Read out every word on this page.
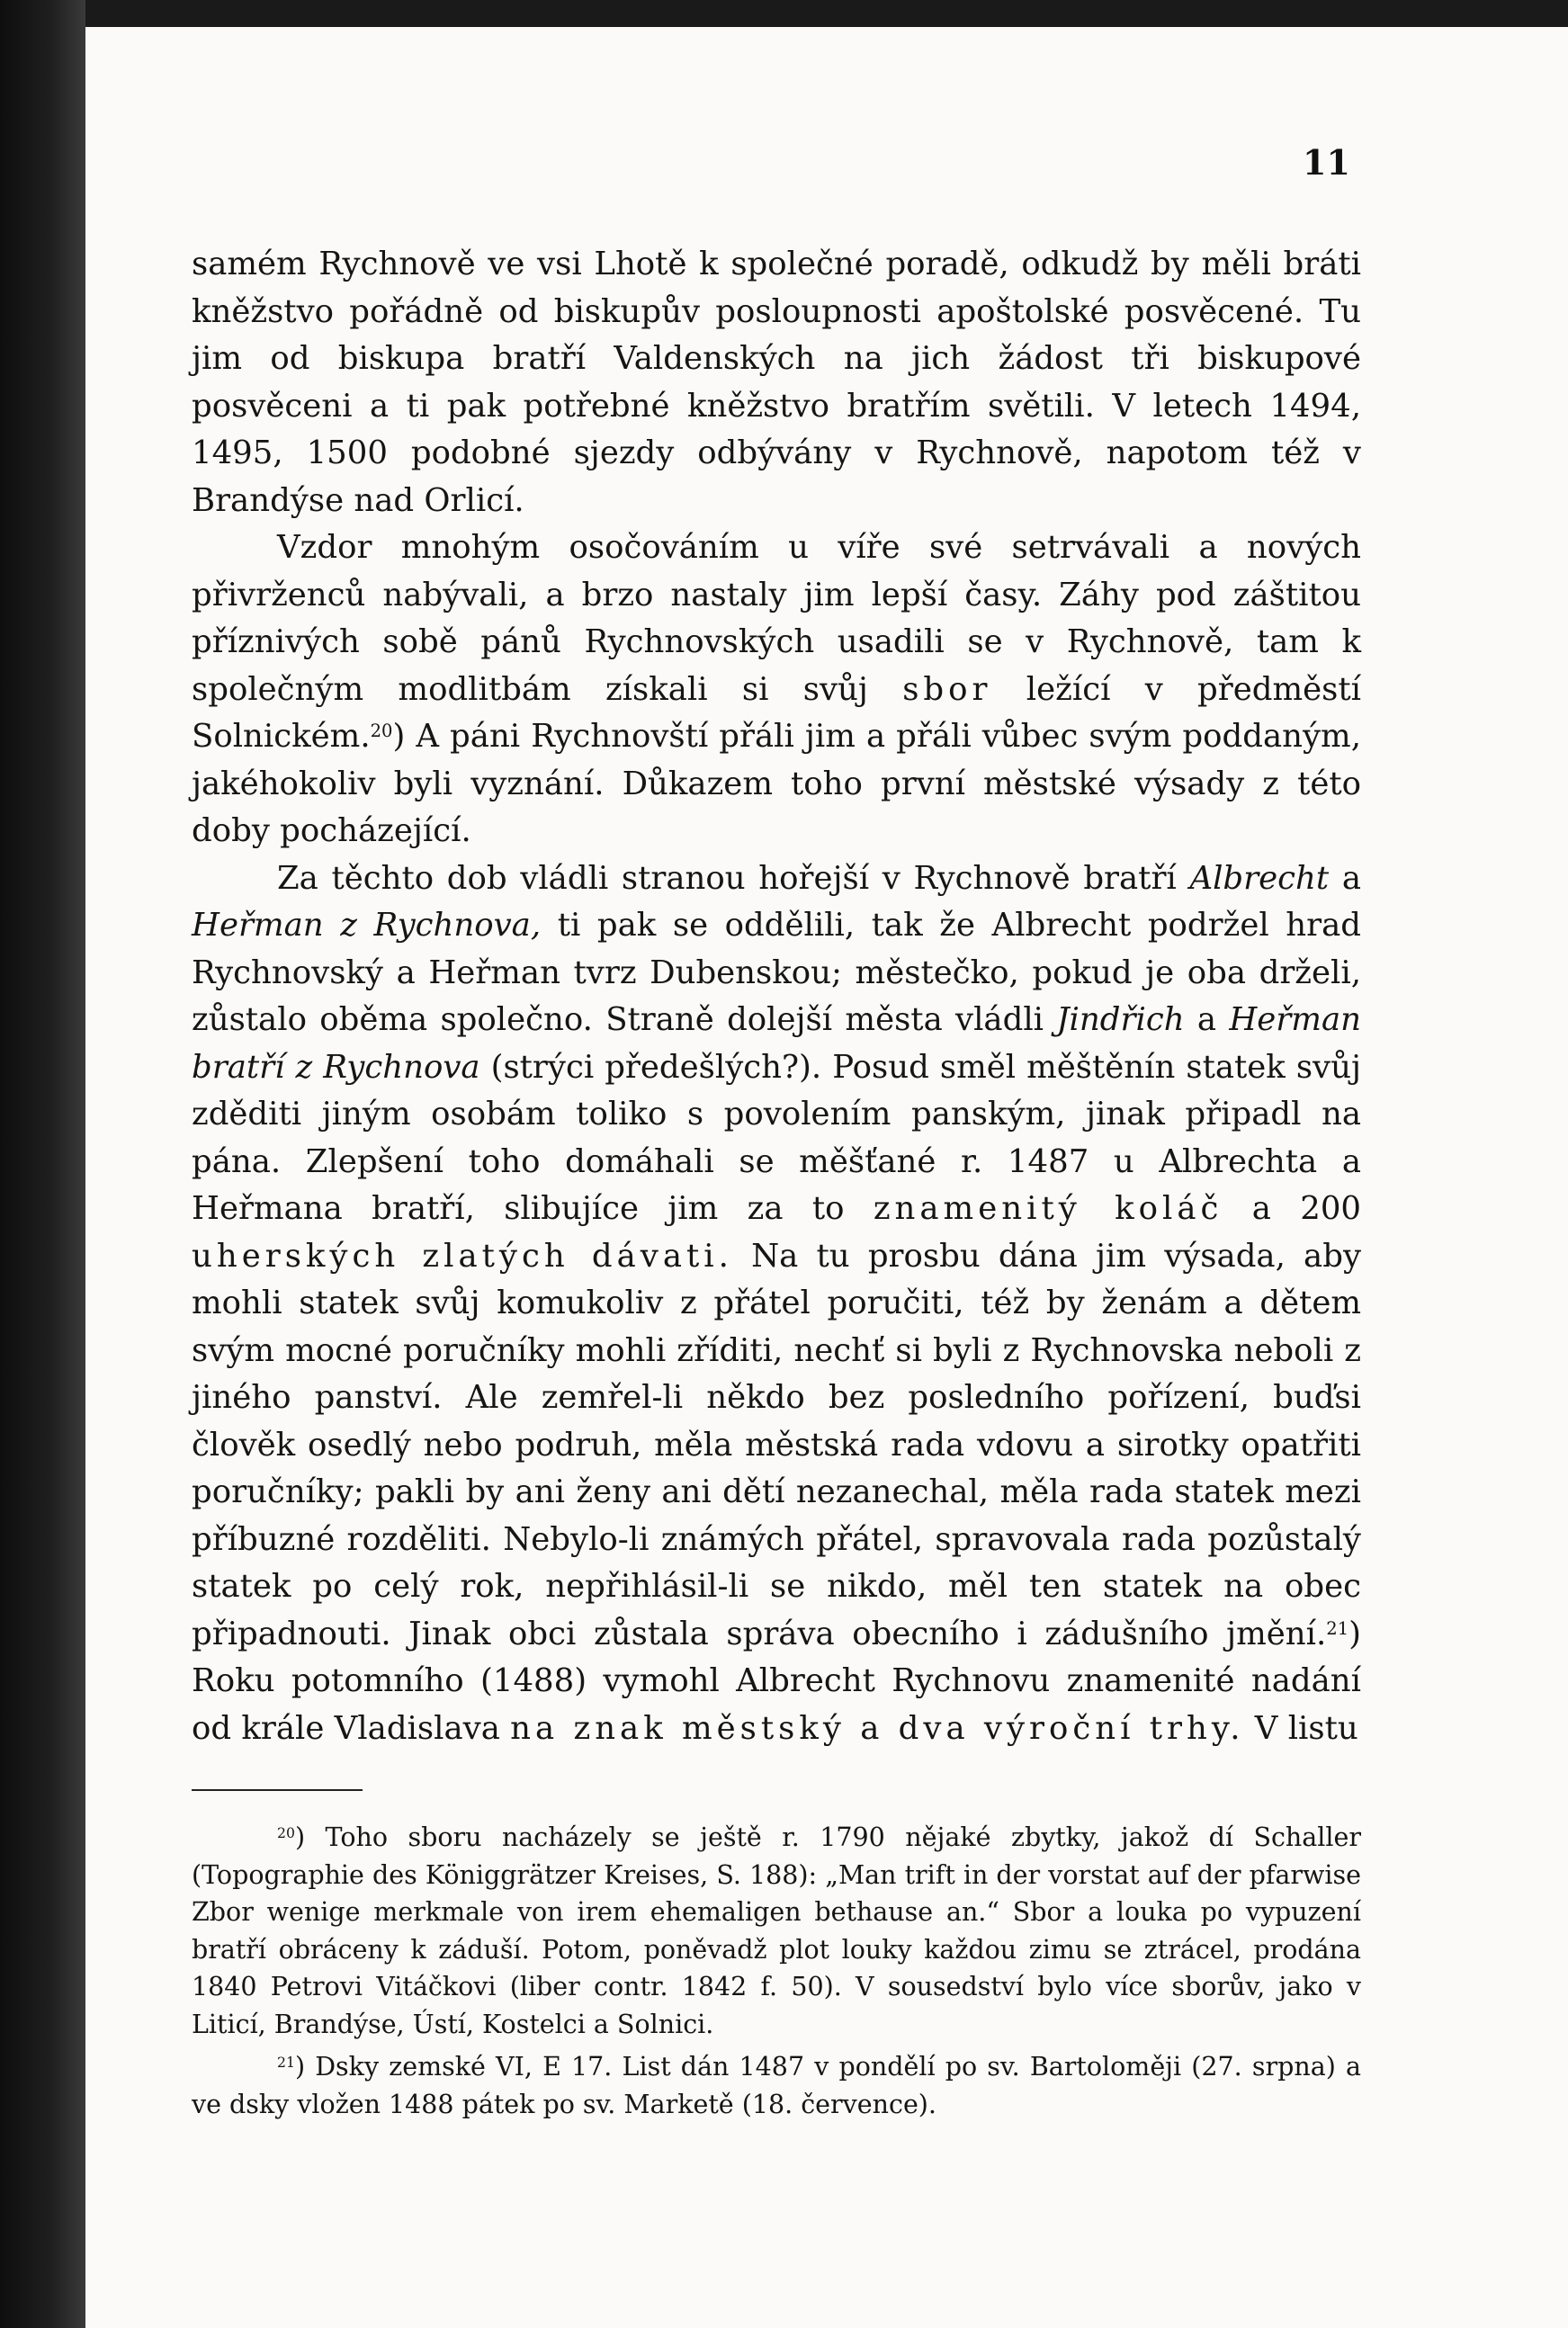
11

samém Rychnově ve vsi Lhotě k společné poradě, odkudž by měli bráti kněžstvo pořádně od biskupův posloupnosti apoštolské posvěcené. Tu jim od biskupa bratří Valdenských na jich žádost tři biskupové posvěceni a ti pak potřebné kněžstvo bratřím světili. V letech 1494, 1495, 1500 podobné sjezdy odbývány v Rychnově, napotom též v Brandýse nad Orlicí.

Vzdor mnohým osočováním u víře své setrvávali a nových přivrženců nabývali, a brzo nastaly jim lepší časy. Záhy pod záštitou příznivých sobě pánů Rychnovských usadili se v Rychnově, tam k společným modlitbám získali si svůj sbor ležící v předměstí Solnickém.$^{20}$) A páni Rychnovští přáli jim a přáli vůbec svým poddaným, jakéhokoliv byli vyznání. Důkazem toho první městské výsady z této doby pocházející.

Za těchto dob vládli stranou hořejší v Rychnově bratří Albrecht a Heřman z Rychnova, ti pak se oddělili, tak že Albrecht podržel hrad Rychnovský a Heřman tvrz Dubenskou; městečko, pokud je oba drželi, zůstalo oběma společno. Straně dolejší města vládli Jindřich a Heřman bratří z Rychnova (strýci předešlých?). Posud směl měštěnín statek svůj zděditi jiným osobám toliko s povolením panským, jinak připadl na pána. Zlepšení toho domáhali se měšťané r. 1487 u Albrechta a Heřmana bratří, slibujíce jim za to znamenitý koláč a 200 uherských zlatých dávati. Na tu prosbu dána jim výsada, aby mohli statek svůj komukoliv z přátel poručiti, též by ženám a dětem svým mocné poručníky mohli zříditi, nechť si byli z Rychnovska neboli z jiného panství. Ale zemřel-li někdo bez posledního pořízení, buďsi člověk osedlý nebo podruh, měla městská rada vdovu a sirotky opatřiti poručníky; pakli by ani ženy ani dětí nezanechal, měla rada statek mezi příbuzné rozděliti. Nebylo-li známých přátel, spravovala rada pozůstalý statek po celý rok, nepřihlásil-li se nikdo, měl ten statek na obec připadnouti. Jinak obci zůstala správa obecního i zádušního jmění.$^{21}$) Roku potomního (1488) vymohl Albrecht Rychnovu znamenité nadání od krále Vladislava na znak městský a dva výroční trhy. V listu

$^{20}$) Toho sboru nacházely se ještě r. 1790 nějaké zbytky, jakož dí Schaller (Topographie des Königgrätzer Kreises, S. 188): „Man trift in der vorstat auf der pfarwise Zbor wenige merkmale von irem ehemaligen bethause an.“ Sbor a louka po vypuzení bratří obráceny k záduší. Potom, poněvadž plot louky každou zimu se ztrácel, prodána 1840 Petrovi Vitáčkovi (liber contr. 1842 f. 50). V sousedství bylo více sborův, jako v Liticí, Brandýse, Ústí, Kostelci a Solnici.

$^{21}$) Dsky zemské VI, E 17. List dán 1487 v pondělí po sv. Bartoloměji (27. srpna) a ve dsky vložen 1488 pátek po sv. Marketě (18. července).
